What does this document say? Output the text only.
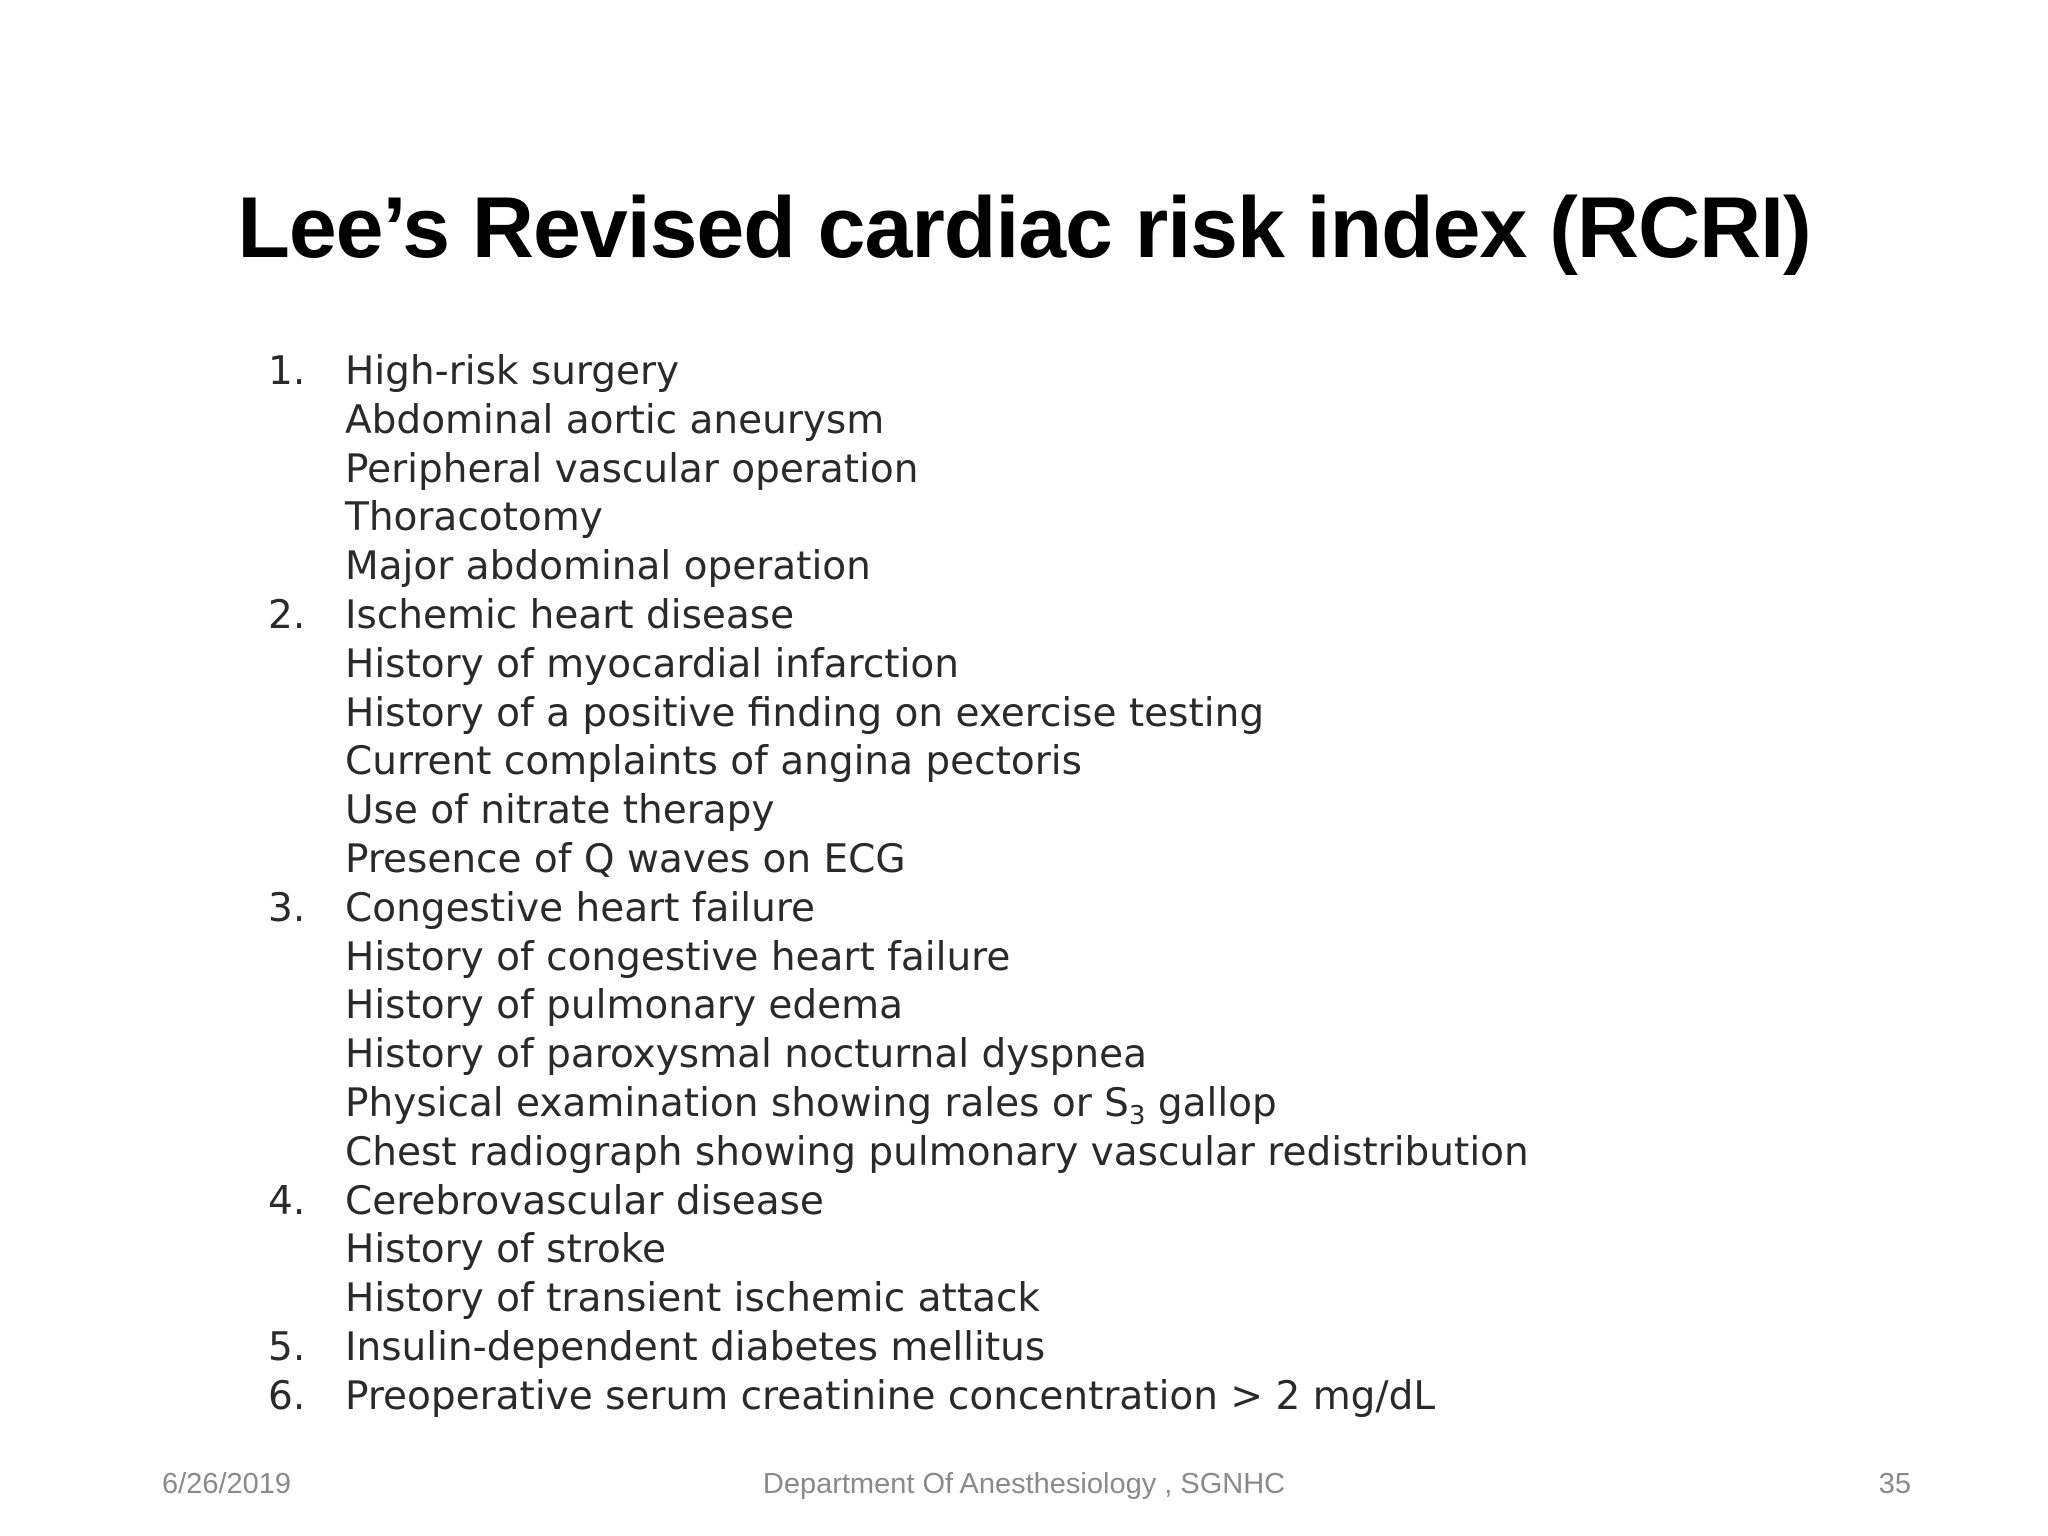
Lee’s Revised cardiac risk index (RCRI)
1.	High-risk surgery
Abdominal aortic aneurysm
Peripheral vascular operation
Thoracotomy
Major abdominal operation
2.	Ischemic heart disease
History of myocardial infarction
History of a positive finding on exercise testing
Current complaints of angina pectoris
Use of nitrate therapy
Presence of Q waves on ECG
3.	Congestive heart failure
History of congestive heart failure
History of pulmonary edema
History of paroxysmal nocturnal dyspnea
Physical examination showing rales or $S_3$ gallop
Chest radiograph showing pulmonary vascular redistribution
4.	Cerebrovascular disease
History of stroke
History of transient ischemic attack
5.	Insulin-dependent diabetes mellitus
6.	Preoperative serum creatinine concentration > 2 mg/dL
6/26/2019	Department Of Anesthesiology , SGNHC	35
